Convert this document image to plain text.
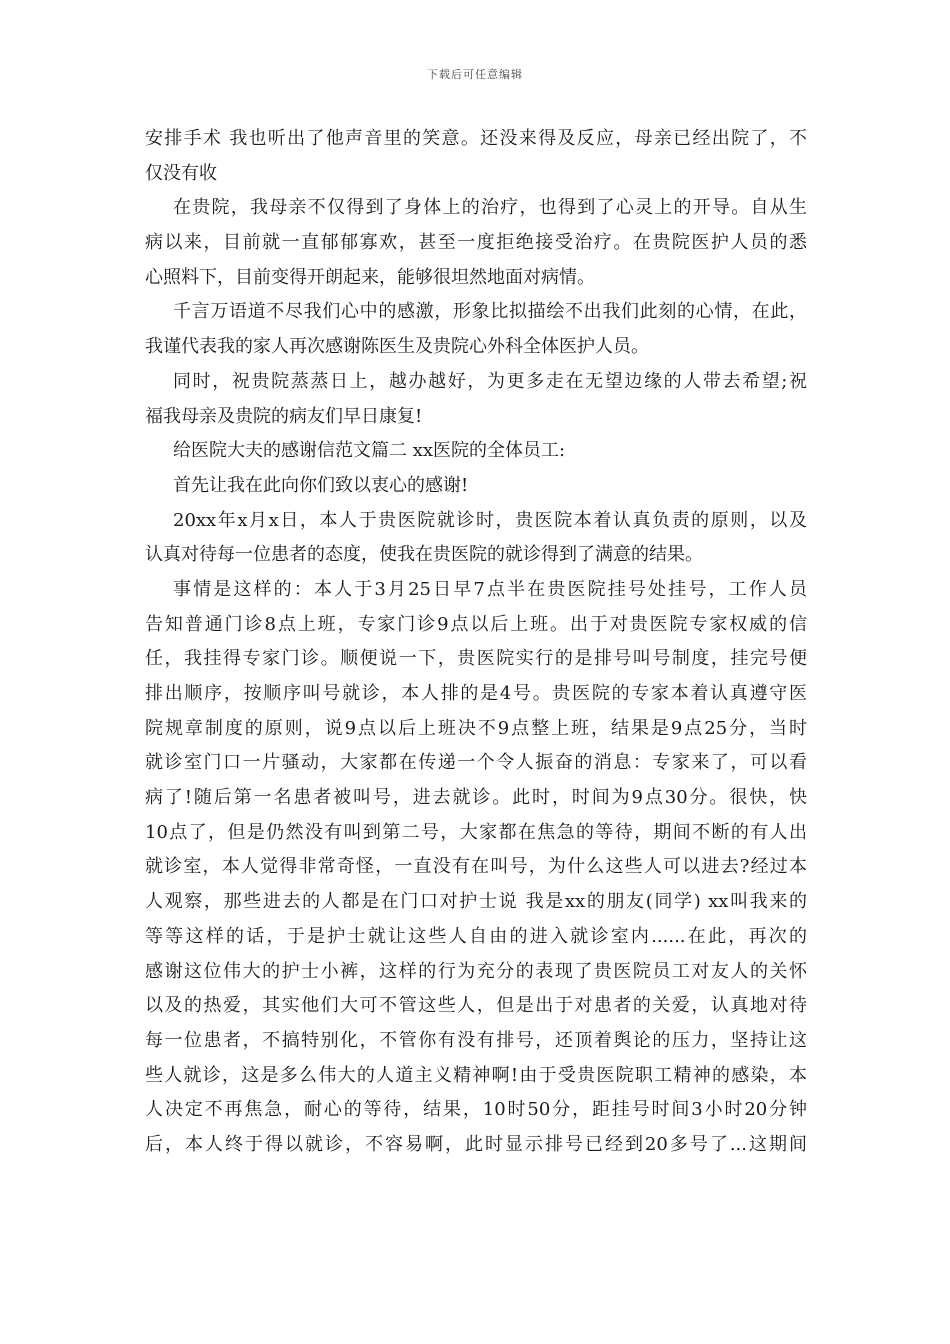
下载后可任意编辑
安排手术 我也听出了他声音里的笑意。还没来得及反应，母亲已经出院了，不
仅没有收
在贵院，我母亲不仅得到了身体上的治疗，也得到了心灵上的开导。自从生
病以来，目前就一直郁郁寡欢，甚至一度拒绝接受治疗。在贵院医护人员的悉
心照料下，目前变得开朗起来，能够很坦然地面对病情。
千言万语道不尽我们心中的感激，形象比拟描绘不出我们此刻的心情，在此，
我谨代表我的家人再次感谢陈医生及贵院心外科全体医护人员。
同时，祝贵院蒸蒸日上，越办越好，为更多走在无望边缘的人带去希望;祝
福我母亲及贵院的病友们早日康复!
给医院大夫的感谢信范文篇二 xx医院的全体员工:
首先让我在此向你们致以衷心的感谢!
20xx年x月x日，本人于贵医院就诊时，贵医院本着认真负责的原则，以及
认真对待每一位患者的态度，使我在贵医院的就诊得到了满意的结果。
事情是这样的：本人于3月25日早7点半在贵医院挂号处挂号，工作人员
告知普通门诊8点上班，专家门诊9点以后上班。出于对贵医院专家权威的信
任，我挂得专家门诊。顺便说一下，贵医院实行的是排号叫号制度，挂完号便
排出顺序，按顺序叫号就诊，本人排的是4号。贵医院的专家本着认真遵守医
院规章制度的原则，说9点以后上班决不9点整上班，结果是9点25分，当时
就诊室门口一片骚动，大家都在传递一个令人振奋的消息：专家来了，可以看
病了!随后第一名患者被叫号，进去就诊。此时，时间为9点30分。很快，快
10点了，但是仍然没有叫到第二号，大家都在焦急的等待，期间不断的有人出
就诊室，本人觉得非常奇怪，一直没有在叫号，为什么这些人可以进去?经过本
人观察，那些进去的人都是在门口对护士说 我是xx的朋友(同学) xx叫我来的
等等这样的话，于是护士就让这些人自由的进入就诊室内......在此，再次的
感谢这位伟大的护士小裤，这样的行为充分的表现了贵医院员工对友人的关怀
以及的热爱，其实他们大可不管这些人，但是出于对患者的关爱，认真地对待
每一位患者，不搞特别化，不管你有没有排号，还顶着舆论的压力，坚持让这
些人就诊，这是多么伟大的人道主义精神啊!由于受贵医院职工精神的感染，本
人决定不再焦急，耐心的等待，结果，10时50分，距挂号时间3小时20分钟
后，本人终于得以就诊，不容易啊，此时显示排号已经到20多号了...这期间
